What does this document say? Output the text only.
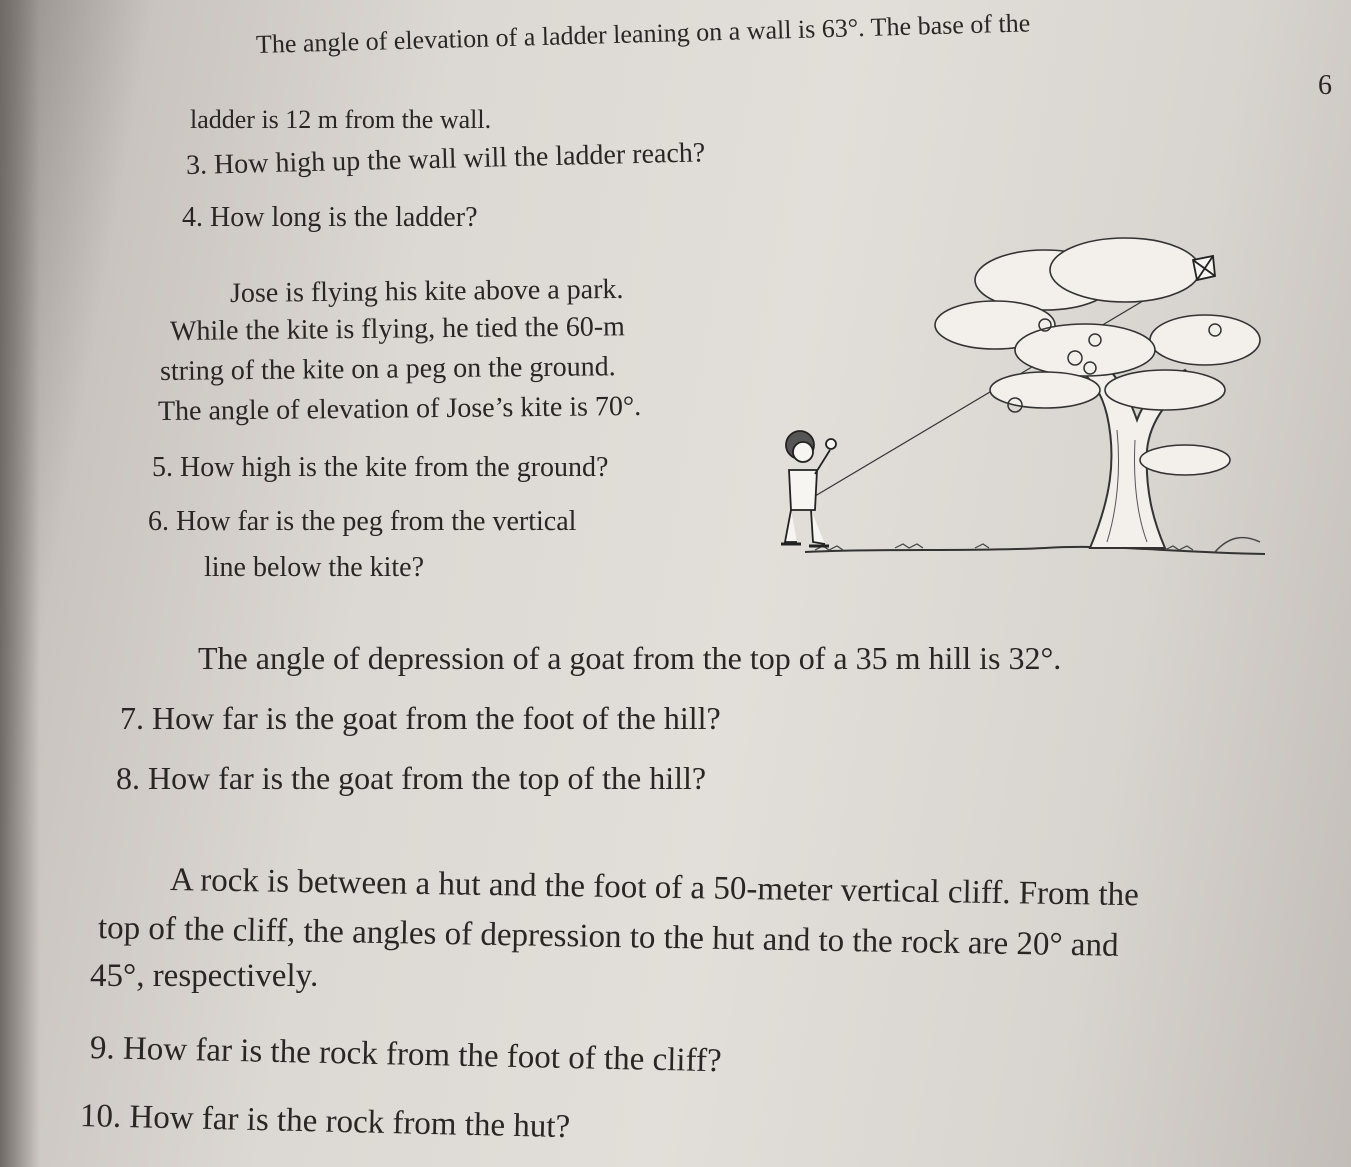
6
The angle of elevation of a ladder leaning on a wall is 63°. The base of the
ladder is 12 m from the wall.
3. How high up the wall will the ladder reach?
4. How long is the ladder?
Jose is flying his kite above a park.
While the kite is flying, he tied the 60-m
string of the kite on a peg on the ground.
The angle of elevation of Jose’s kite is 70°.
5. How high is the kite from the ground?
6. How far is the peg from the vertical
line below the kite?
The angle of depression of a goat from the top of a 35 m hill is 32°.
7. How far is the goat from the foot of the hill?
8. How far is the goat from the top of the hill?
A rock is between a hut and the foot of a 50-meter vertical cliff. From the
top of the cliff, the angles of depression to the hut and to the rock are 20° and
45°, respectively.
9. How far is the rock from the foot of the cliff?
10. How far is the rock from the hut?
